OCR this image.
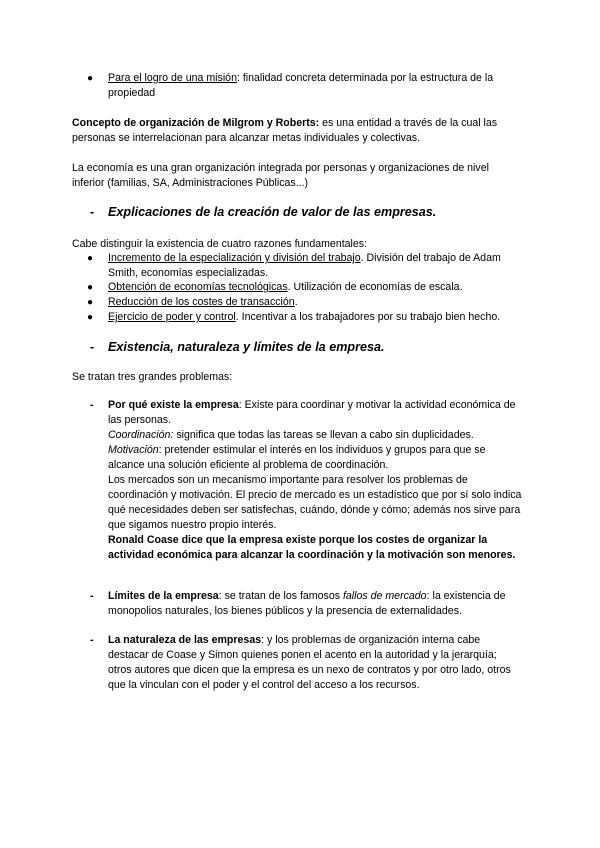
● Para el logro de una misión: finalidad concreta determinada por la estructura de la propiedad
Concepto de organización de Milgrom y Roberts: es una entidad a través de la cual las personas se interrelacionan para alcanzar metas individuales y colectivas.
La economía es una gran organización integrada por personas y organizaciones de nivel inferior (familias, SA, Administraciones Públicas...)
- Explicaciones de la creación de valor de las empresas.
Cabe distinguir la existencia de cuatro razones fundamentales:
● Incremento de la especialización y división del trabajo. División del trabajo de Adam Smith, economías especializadas.
● Obtención de economías tecnológicas. Utilización de economías de escala.
● Reducción de los costes de transacción.
● Ejercicio de poder y control. Incentivar a los trabajadores por su trabajo bien hecho.
- Existencia, naturaleza y límites de la empresa.
Se tratan tres grandes problemas:
- Por qué existe la empresa: Existe para coordinar y motivar la actividad económica de las personas.
Coordinación: significa que todas las tareas se llevan a cabo sin duplicidades.
Motivación: pretender estimular el interés en los individuos y grupos para que se alcance una solución eficiente al problema de coordinación.
Los mercados son un mecanismo importante para resolver los problemas de coordinación y motivación. El precio de mercado es un estadístico que por sí solo indica qué necesidades deben ser satisfechas, cuándo, dónde y cómo; además nos sirve para que sigamos nuestro propio interés.
Ronald Coase dice que la empresa existe porque los costes de organizar la actividad económica para alcanzar la coordinación y la motivación son menores.
- Límites de la empresa: se tratan de los famosos fallos de mercado: la existencia de monopolios naturales, los bienes públicos y la presencia de externalidades.
- La naturaleza de las empresas: y los problemas de organización interna cabe destacar de Coase y Simon quienes ponen el acento en la autoridad y la jerarquía; otros autores que dicen que la empresa es un nexo de contratos y por otro lado, otros que la vinculan con el poder y el control del acceso a los recursos.
